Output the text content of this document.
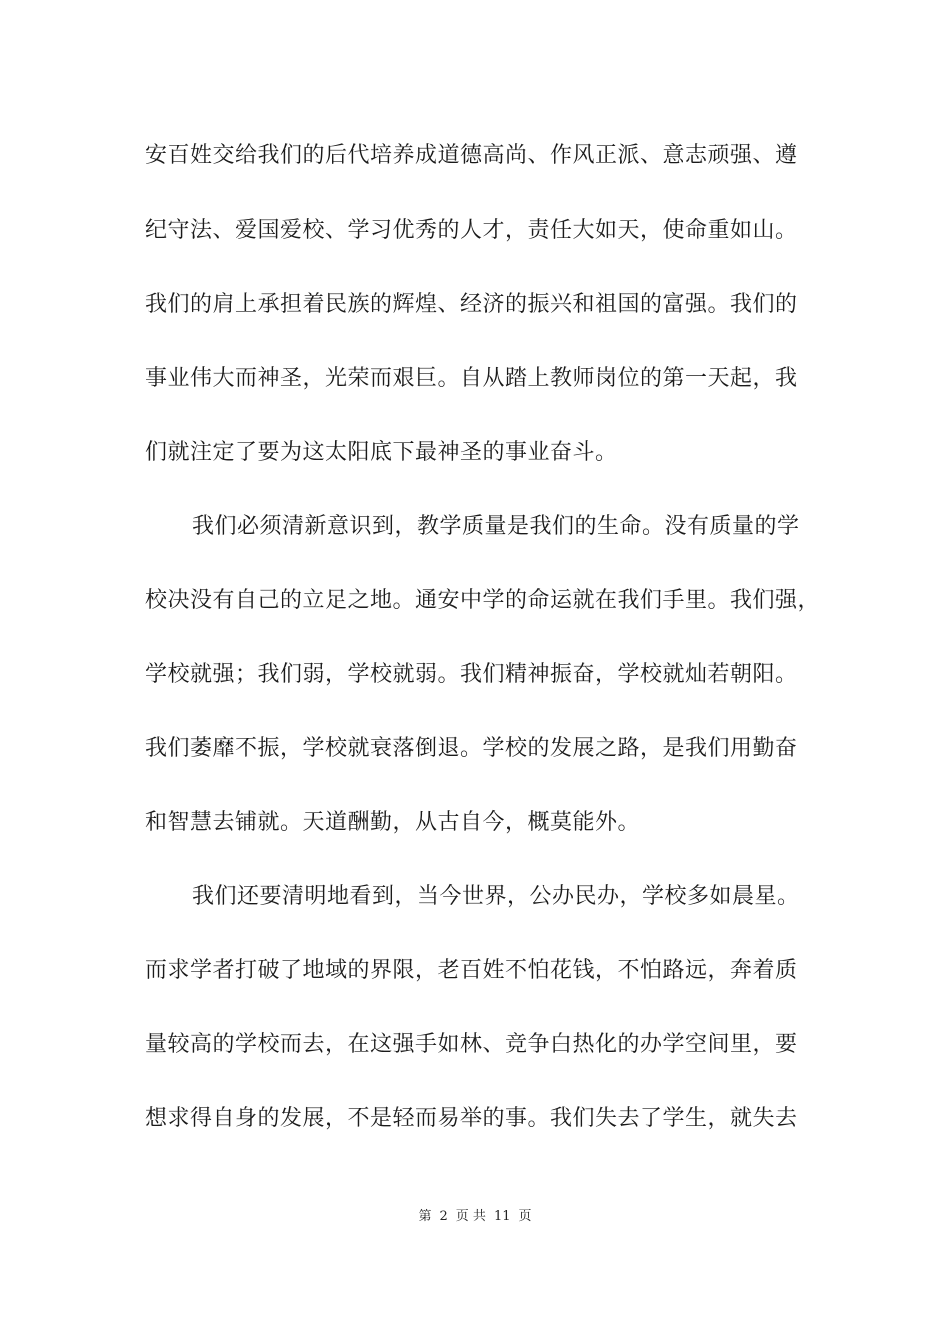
安百姓交给我们的后代培养成道德高尚、作风正派、意志顽强、遵
纪守法、爱国爱校、学习优秀的人才，责任大如天，使命重如山。
我们的肩上承担着民族的辉煌、经济的振兴和祖国的富强。我们的
事业伟大而神圣，光荣而艰巨。自从踏上教师岗位的第一天起，我
们就注定了要为这太阳底下最神圣的事业奋斗。
我们必须清新意识到，教学质量是我们的生命。没有质量的学
校决没有自己的立足之地。通安中学的命运就在我们手里。我们强，
学校就强；我们弱，学校就弱。我们精神振奋，学校就灿若朝阳。
我们萎靡不振，学校就衰落倒退。学校的发展之路，是我们用勤奋
和智慧去铺就。天道酬勤，从古自今，概莫能外。
我们还要清明地看到，当今世界，公办民办，学校多如晨星。
而求学者打破了地域的界限，老百姓不怕花钱，不怕路远，奔着质
量较高的学校而去，在这强手如林、竞争白热化的办学空间里，要
想求得自身的发展，不是轻而易举的事。我们失去了学生，就失去
第 2 页 共 11 页
